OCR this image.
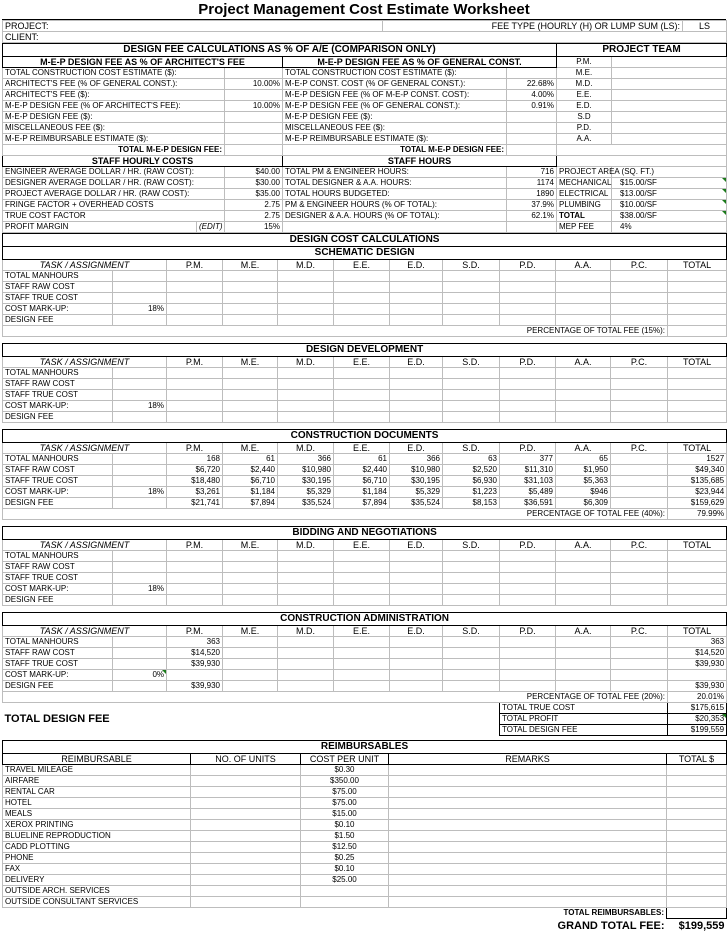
Project Management Cost Estimate Worksheet
PROJECT:	FEE TYPE (HOURLY (H) OR LUMP SUM (LS):	LS
CLIENT:
DESIGN FEE CALCULATIONS AS % OF A/E (COMPARISON ONLY)					PROJECT TEAM	
M-E-P DESIGN FEE AS % OF ARCHITECT'S FEE			M-E-P DESIGN FEE AS % OF GENERAL CONST.		P.M.	
TOTAL CONSTRUCTION COST ESTIMATE ($):			TOTAL CONSTRUCTION COST ESTIMATE ($):		M.E.	
ARCHITECT'S FEE (% OF GENERAL CONST.):		10.00%	M-E-P CONST. COST (% OF GENERAL CONST.):	22.68%	M.D.	
ARCHITECT'S FEE ($):			M-E-P DESIGN FEE (% OF M-E-P CONST. COST):	4.00%	E.E.	
M-E-P DESIGN FEE (% OF ARCHITECT'S FEE):		10.00%	M-E-P DESIGN FEE (% OF GENERAL CONST.):	0.91%	E.D.	
M-E-P DESIGN FEE ($):			M-E-P DESIGN FEE ($):		S.D	
MISCELLANEOUS FEE ($):			MISCELLANEOUS FEE ($):		P.D.	
M-E-P REIMBURSABLE ESTIMATE ($):			M-E-P REIMBURSABLE ESTIMATE ($):		A.A.	
TOTAL M-E-P DESIGN FEE:			TOTAL M-E-P DESIGN FEE:			
STAFF HOURLY COSTS			STAFF HOURS			
ENGINEER AVERAGE DOLLAR / HR. (RAW COST):		$40.00	TOTAL PM & ENGINEER HOURS:	716	PROJECT AREA (SQ. FT.)	
DESIGNER AVERAGE DOLLAR / HR. (RAW COST):		$30.00	TOTAL DESIGNER & A.A. HOURS:	1174	MECHANICAL	$15.00/SF
PROJECT AVERAGE DOLLAR / HR. (RAW COST):		$35.00	TOTAL HOURS BUDGETED:	1890	ELECTRICAL	$13.00/SF
FRINGE FACTOR + OVERHEAD COSTS		2.75	PM & ENGINEER HOURS (% OF TOTAL):	37.9%	PLUMBING	$10.00/SF
TRUE COST FACTOR		2.75	DESIGNER & A.A. HOURS (% OF TOTAL):	62.1%	TOTAL	$38.00/SF
PROFIT MARGIN	(EDIT)	15%			MEP FEE	4%
DESIGN COST CALCULATIONS											
SCHEMATIC DESIGN											
TASK / ASSIGNMENT		P.M.	M.E.	M.D.	E.E.	E.D.	S.D.	P.D.	A.A.	P.C.	TOTAL
TOTAL MANHOURS											
STAFF RAW COST											
STAFF TRUE COST											
COST MARK-UP:	18%										
DESIGN FEE											
PERCENTAGE OF TOTAL FEE (15%):											

DESIGN DEVELOPMENT											
TASK / ASSIGNMENT		P.M.	M.E.	M.D.	E.E.	E.D.	S.D.	P.D.	A.A.	P.C.	TOTAL
TOTAL MANHOURS											
STAFF RAW COST											
STAFF TRUE COST											
COST MARK-UP:	18%										
DESIGN FEE											

CONSTRUCTION DOCUMENTS											
TASK / ASSIGNMENT		P.M.	M.E.	M.D.	E.E.	E.D.	S.D.	P.D.	A.A.	P.C.	TOTAL
TOTAL MANHOURS		168	61	366	61	366	63	377	65		1527
STAFF RAW COST		$6,720	$2,440	$10,980	$2,440	$10,980	$2,520	$11,310	$1,950		$49,340
STAFF TRUE COST		$18,480	$6,710	$30,195	$6,710	$30,195	$6,930	$31,103	$5,363		$135,685
COST MARK-UP:	18%	$3,261	$1,184	$5,329	$1,184	$5,329	$1,223	$5,489	$946		$23,944
DESIGN FEE		$21,741	$7,894	$35,524	$7,894	$35,524	$8,153	$36,591	$6,309		$159,629
PERCENTAGE OF TOTAL FEE (40%):											79.99%

BIDDING AND NEGOTIATIONS											
TASK / ASSIGNMENT		P.M.	M.E.	M.D.	E.E.	E.D.	S.D.	P.D.	A.A.	P.C.	TOTAL
TOTAL MANHOURS											
STAFF RAW COST											
STAFF TRUE COST											
COST MARK-UP:	18%										
DESIGN FEE											

CONSTRUCTION ADMINISTRATION											
TASK / ASSIGNMENT		P.M.	M.E.	M.D.	E.E.	E.D.	S.D.	P.D.	A.A.	P.C.	TOTAL
TOTAL MANHOURS		363									363
STAFF RAW COST		$14,520									$14,520
STAFF TRUE COST		$39,930									$39,930
COST MARK-UP:	0%										
DESIGN FEE		$39,930									$39,930
PERCENTAGE OF TOTAL FEE (20%):											20.01%
TOTAL DESIGN FEE								TOTAL TRUE COST			$175,615
								TOTAL PROFIT			$20,353
								TOTAL DESIGN FEE			$199,559

REIMBURSABLES				
REIMBURSABLE	NO. OF UNITS	COST PER UNIT	REMARKS	TOTAL $
TRAVEL MILEAGE		$0.30		
AIRFARE		$350.00		
RENTAL CAR		$75.00		
HOTEL		$75.00		
MEALS		$15.00		
XEROX PRINTING		$0.10		
BLUELINE REPRODUCTION		$1.50		
CADD PLOTTING		$12.50		
PHONE		$0.25		
FAX		$0.10		
DELIVERY		$25.00		
OUTSIDE ARCH. SERVICES				
OUTSIDE CONSULTANT SERVICES				
TOTAL REIMBURSABLES:				
			GRAND TOTAL FEE:	$199,559
